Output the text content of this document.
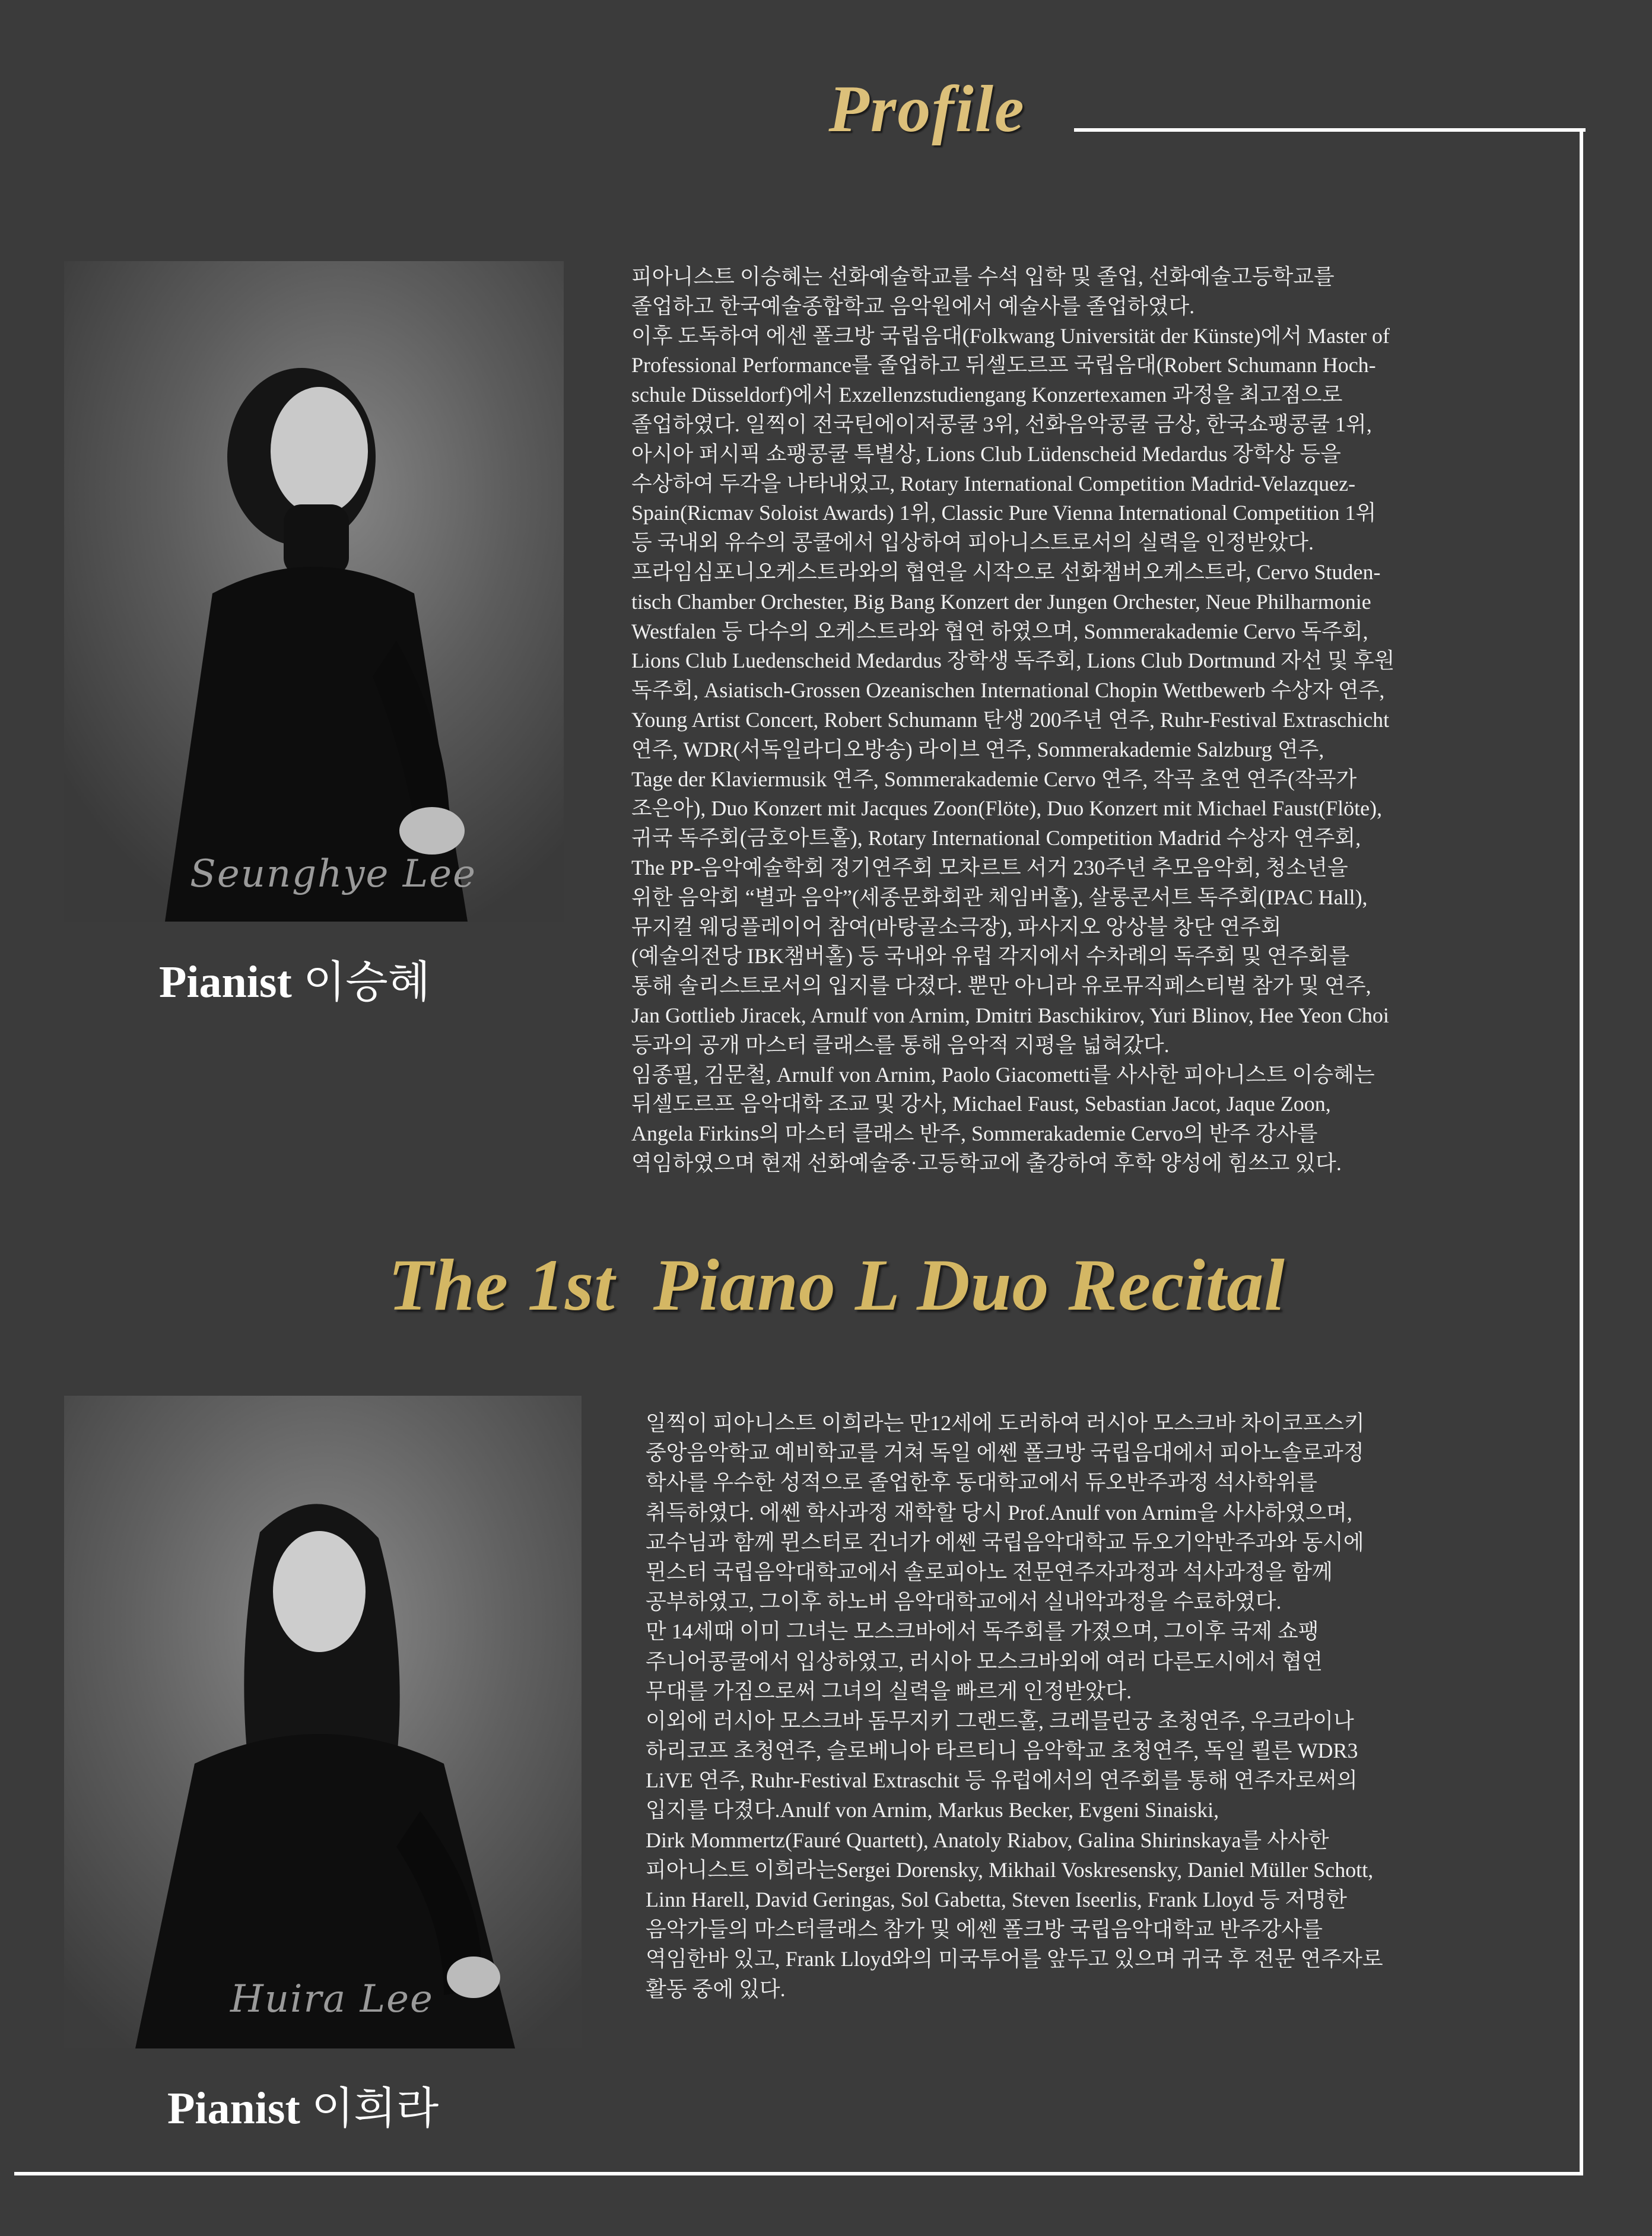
Profile
Seunghye Lee
Pianist 이승혜
피아니스트 이승혜는 선화예술학교를 수석 입학 및 졸업, 선화예술고등학교를
졸업하고 한국예술종합학교 음악원에서 예술사를 졸업하였다.
이후 도독하여 에센 폴크방 국립음대(Folkwang Universität der Künste)에서 Master of
Professional Performance를 졸업하고 뒤셀도르프 국립음대(Robert Schumann Hoch-
schule Düsseldorf)에서 Exzellenzstudiengang Konzertexamen 과정을 최고점으로
졸업하였다. 일찍이 전국틴에이저콩쿨 3위, 선화음악콩쿨 금상, 한국쇼팽콩쿨 1위,
아시아 퍼시픽 쇼팽콩쿨 특별상, Lions Club Lüdenscheid Medardus 장학상 등을
수상하여 두각을 나타내었고, Rotary International Competition Madrid-Velazquez-
Spain(Ricmav Soloist Awards) 1위, Classic Pure Vienna International Competition 1위
등 국내외 유수의 콩쿨에서 입상하여 피아니스트로서의 실력을 인정받았다.
프라임심포니오케스트라와의 협연을 시작으로 선화챔버오케스트라, Cervo Studen-
tisch Chamber Orchester, Big Bang Konzert der Jungen Orchester, Neue Philharmonie
Westfalen 등 다수의 오케스트라와 협연 하였으며, Sommerakademie Cervo 독주회,
Lions Club Luedenscheid Medardus 장학생 독주회, Lions Club Dortmund 자선 및 후원
독주회, Asiatisch-Grossen Ozeanischen International Chopin Wettbewerb 수상자 연주,
Young Artist Concert, Robert Schumann 탄생 200주년 연주, Ruhr-Festival Extraschicht
연주, WDR(서독일라디오방송) 라이브 연주, Sommerakademie Salzburg 연주,
Tage der Klaviermusik 연주, Sommerakademie Cervo 연주, 작곡 초연 연주(작곡가
조은아), Duo Konzert mit Jacques Zoon(Flöte), Duo Konzert mit Michael Faust(Flöte),
귀국 독주회(금호아트홀), Rotary International Competition Madrid 수상자 연주회,
The PP-음악예술학회 정기연주회 모차르트 서거 230주년 추모음악회, 청소년을
위한 음악회 “별과 음악”(세종문화회관 체임버홀), 살롱콘서트 독주회(IPAC Hall),
뮤지컬 웨딩플레이어 참여(바탕골소극장), 파사지오 앙상블 창단 연주회
(예술의전당 IBK챔버홀) 등 국내와 유럽 각지에서 수차례의 독주회 및 연주회를
통해 솔리스트로서의 입지를 다졌다. 뿐만 아니라 유로뮤직페스티벌 참가 및 연주,
Jan Gottlieb Jiracek, Arnulf von Arnim, Dmitri Baschikirov, Yuri Blinov, Hee Yeon Choi
등과의 공개 마스터 클래스를 통해 음악적 지평을 넓혀갔다.
임종필, 김문철, Arnulf von Arnim, Paolo Giacometti를 사사한 피아니스트 이승혜는
뒤셀도르프 음악대학 조교 및 강사, Michael Faust, Sebastian Jacot, Jaque Zoon,
Angela Firkins의 마스터 클래스 반주, Sommerakademie Cervo의 반주 강사를
역임하였으며 현재 선화예술중·고등학교에 출강하여 후학 양성에 힘쓰고 있다.
The 1st  Piano L Duo Recital
Huira Lee
Pianist 이희라
일찍이 피아니스트 이희라는 만12세에 도러하여 러시아 모스크바 차이코프스키
중앙음악학교 예비학교를 거쳐 독일 에쎈 폴크방 국립음대에서 피아노솔로과정
학사를 우수한 성적으로 졸업한후 동대학교에서 듀오반주과정 석사학위를
취득하였다. 에쎈 학사과정 재학할 당시 Prof.Anulf von Arnim을 사사하였으며,
교수님과 함께 뮌스터로 건너가 에쎈 국립음악대학교 듀오기악반주과와 동시에
뮌스터 국립음악대학교에서 솔로피아노 전문연주자과정과 석사과정을 함께
공부하였고, 그이후 하노버 음악대학교에서 실내악과정을 수료하였다.
만 14세때 이미 그녀는 모스크바에서 독주회를 가졌으며, 그이후 국제 쇼팽
주니어콩쿨에서 입상하였고, 러시아 모스크바외에 여러 다른도시에서 협연
무대를 가짐으로써 그녀의 실력을 빠르게 인정받았다.
이외에 러시아 모스크바 돔무지키 그랜드홀, 크레믈린궁 초청연주, 우크라이나
하리코프 초청연주, 슬로베니아 타르티니 음악학교 초청연주, 독일 쾰른 WDR3
LiVE 연주, Ruhr-Festival Extraschit 등 유럽에서의 연주회를 통해 연주자로써의
입지를 다졌다.Anulf von Arnim, Markus Becker, Evgeni Sinaiski,
Dirk Mommertz(Fauré Quartett), Anatoly Riabov, Galina Shirinskaya를 사사한
피아니스트 이희라는Sergei Dorensky, Mikhail Voskresensky, Daniel Müller Schott,
Linn Harell, David Geringas, Sol Gabetta, Steven Iseerlis, Frank Lloyd 등 저명한
음악가들의 마스터클래스 참가 및 에쎈 폴크방 국립음악대학교 반주강사를
역임한바 있고, Frank Lloyd와의 미국투어를 앞두고 있으며 귀국 후 전문 연주자로
활동 중에 있다.
